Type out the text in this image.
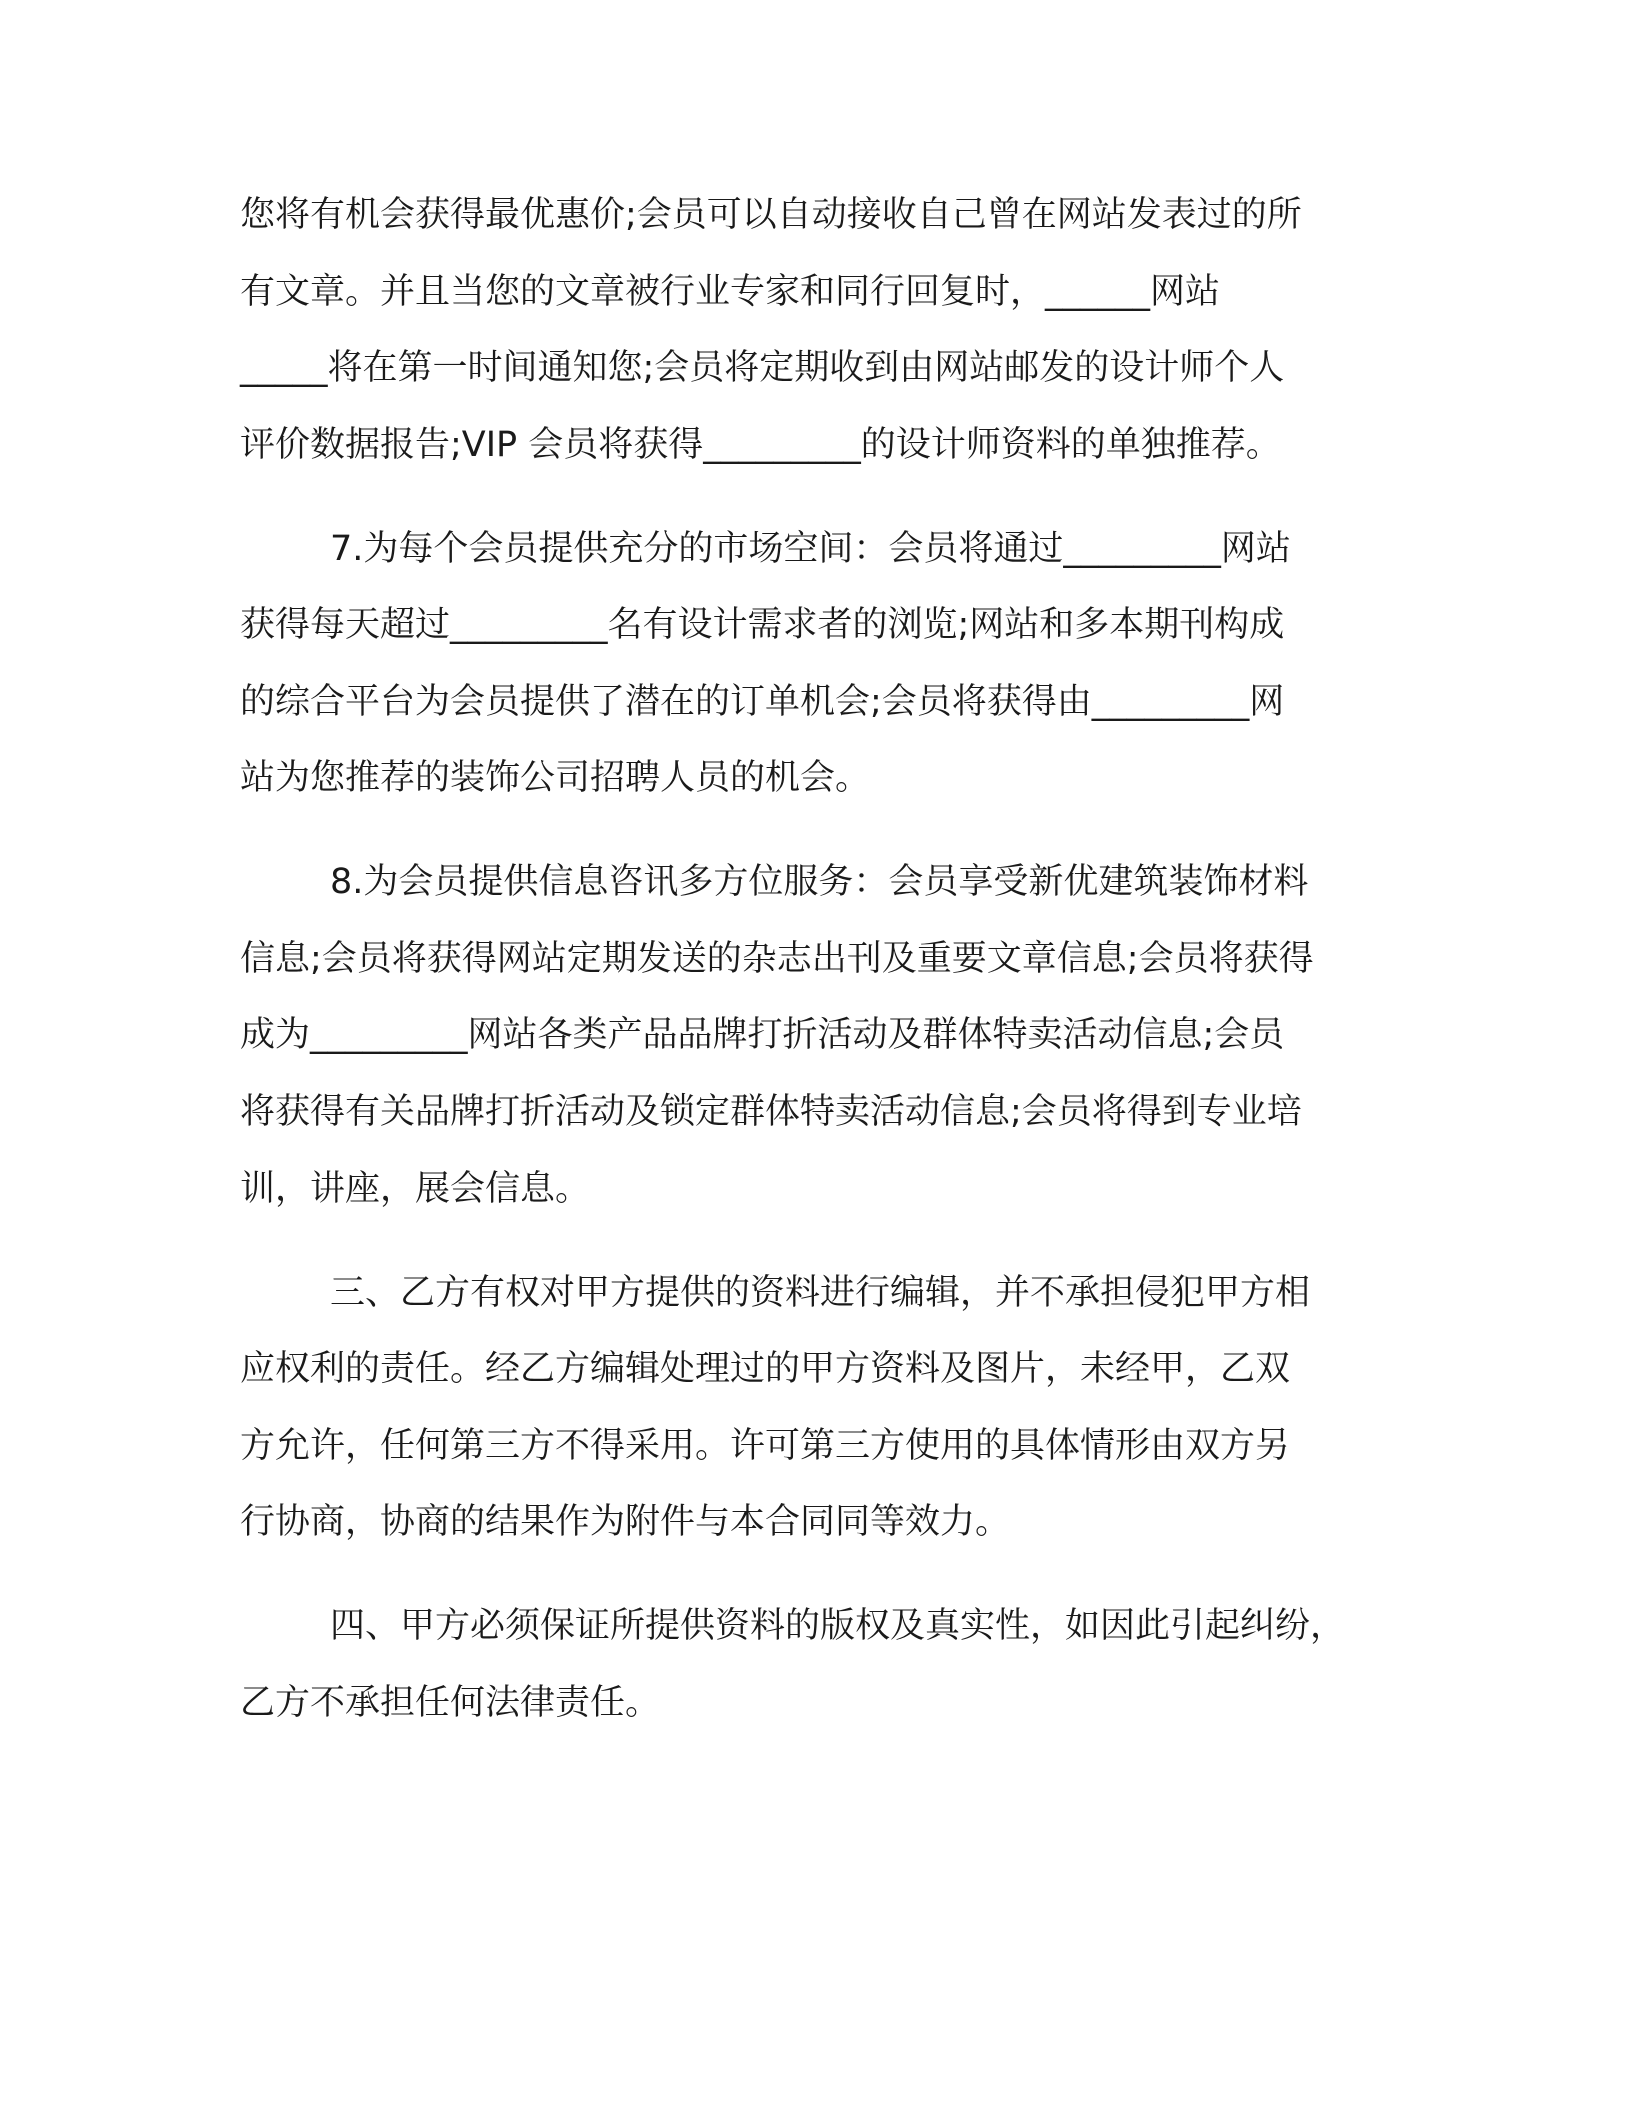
您将有机会获得最优惠价;会员可以自动接收自己曾在网站发表过的所

有文章。并且当您的文章被行业专家和同行回复时，______网站

_____将在第一时间通知您;会员将定期收到由网站邮发的设计师个人

评价数据报告;VIP 会员将获得_________的设计师资料的单独推荐。

7.为每个会员提供充分的市场空间：会员将通过_________网站

获得每天超过_________名有设计需求者的浏览;网站和多本期刊构成

的综合平台为会员提供了潜在的订单机会;会员将获得由_________网

站为您推荐的装饰公司招聘人员的机会。

8.为会员提供信息咨讯多方位服务：会员享受新优建筑装饰材料

信息;会员将获得网站定期发送的杂志出刊及重要文章信息;会员将获得

成为_________网站各类产品品牌打折活动及群体特卖活动信息;会员

将获得有关品牌打折活动及锁定群体特卖活动信息;会员将得到专业培

训，讲座，展会信息。

三、乙方有权对甲方提供的资料进行编辑，并不承担侵犯甲方相

应权利的责任。经乙方编辑处理过的甲方资料及图片，未经甲，乙双

方允许，任何第三方不得采用。许可第三方使用的具体情形由双方另

行协商，协商的结果作为附件与本合同同等效力。

四、甲方必须保证所提供资料的版权及真实性，如因此引起纠纷，

乙方不承担任何法律责任。
